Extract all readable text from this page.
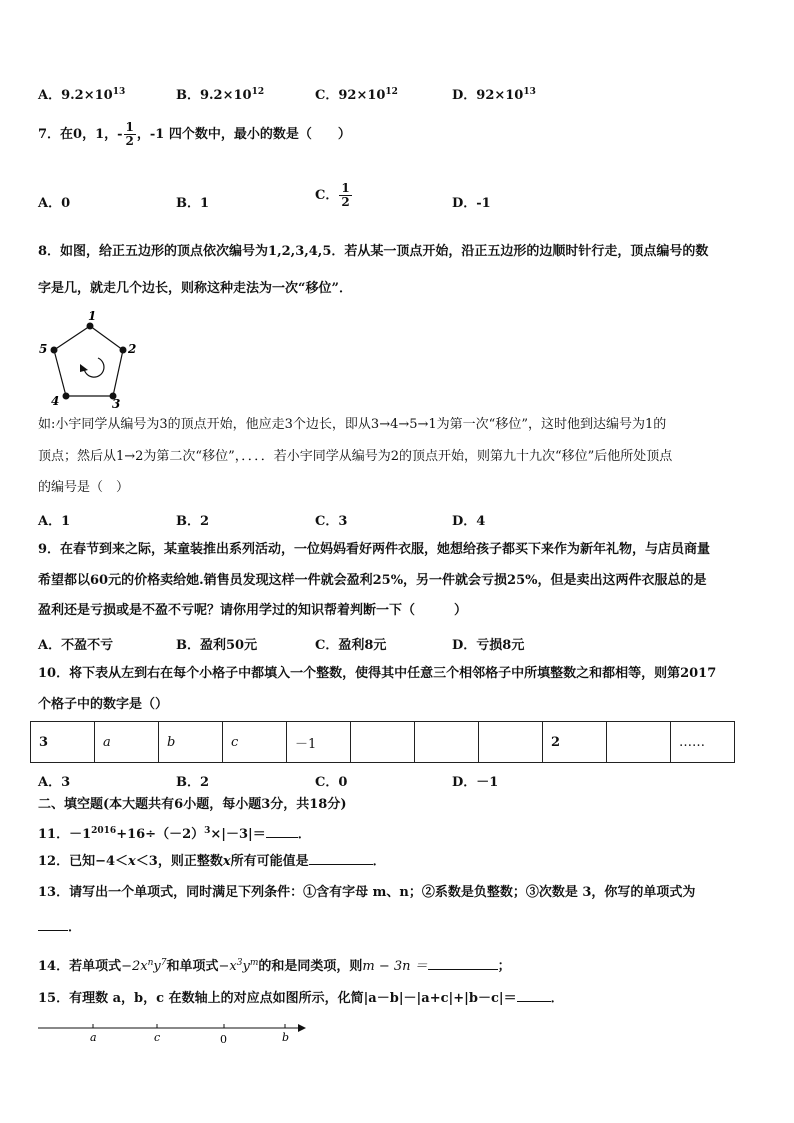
A．$9.2\times 10^{13}$	B．$9.2\times 10^{12}$	C．$92\times 10^{12}$	D．$92\times 10^{13}$
7．在0，1，- $\frac{1}{2}$ ，-1 四个数中，最小的数是（　　）
A．0	B．1
C． $\frac{1}{2}$	D．-1
8．如图，给正五边形的顶点依次编号为1,2,3,4,5．若从某一顶点开始，沿正五边形的边顺时针行走，顶点编号的数
字是几，就走几个边长，则称这种走法为一次“移位”．
1
2
3
4
5
如:小宇同学从编号为3的顶点开始，他应走3个边长，即从3→4→5→1为第一次“移位”，这时他到达编号为1的
顶点；然后从1→2为第二次“移位”，．．．．若小宇同学从编号为2的顶点开始，则第九十九次“移位”后他所处顶点
的编号是（　）
A．1	B．2	C．3	D．4
9．在春节到来之际，某童装推出系列活动，一位妈妈看好两件衣服，她想给孩子都买下来作为新年礼物，与店员商量
希望都以60元的价格卖给她.销售员发现这样一件就会盈利25%，另一件就会亏损25%，但是卖出这两件衣服总的是
盈利还是亏损或是不盈不亏呢？请你用学过的知识帮着判断一下（　　　）
A．不盈不亏	B．盈利50元	C．盈利8元	D．亏损8元
10．将下表从左到右在每个小格子中都填入一个整数，使得其中任意三个相邻格子中所填整数之和都相等，则第2017
个格子中的数字是（）
3	a	b	c	－1				2		……
A．3	B．2	C．0	D．－1
二、填空题(本大题共有6小题，每小题3分，共18分)
11．$-1^{2016}+16\div(-2)^3\times|-3|=$ ．
12．已知−4＜x＜3，则正整数x所有可能值是	．
13．请写出一个单项式，同时满足下列条件：①含有字母 m、n；②系数是负整数；③次数是 3，你写的单项式为
．
14．若单项式$-2x^ny^7$和单项式$-x^3y^m$的和是同类项，则m − 3n ＝	；
15．有理数 a，b，c 在数轴上的对应点如图所示，化简|a－b|－|a+c|+|b－c|＝	．
a	c	0	b
